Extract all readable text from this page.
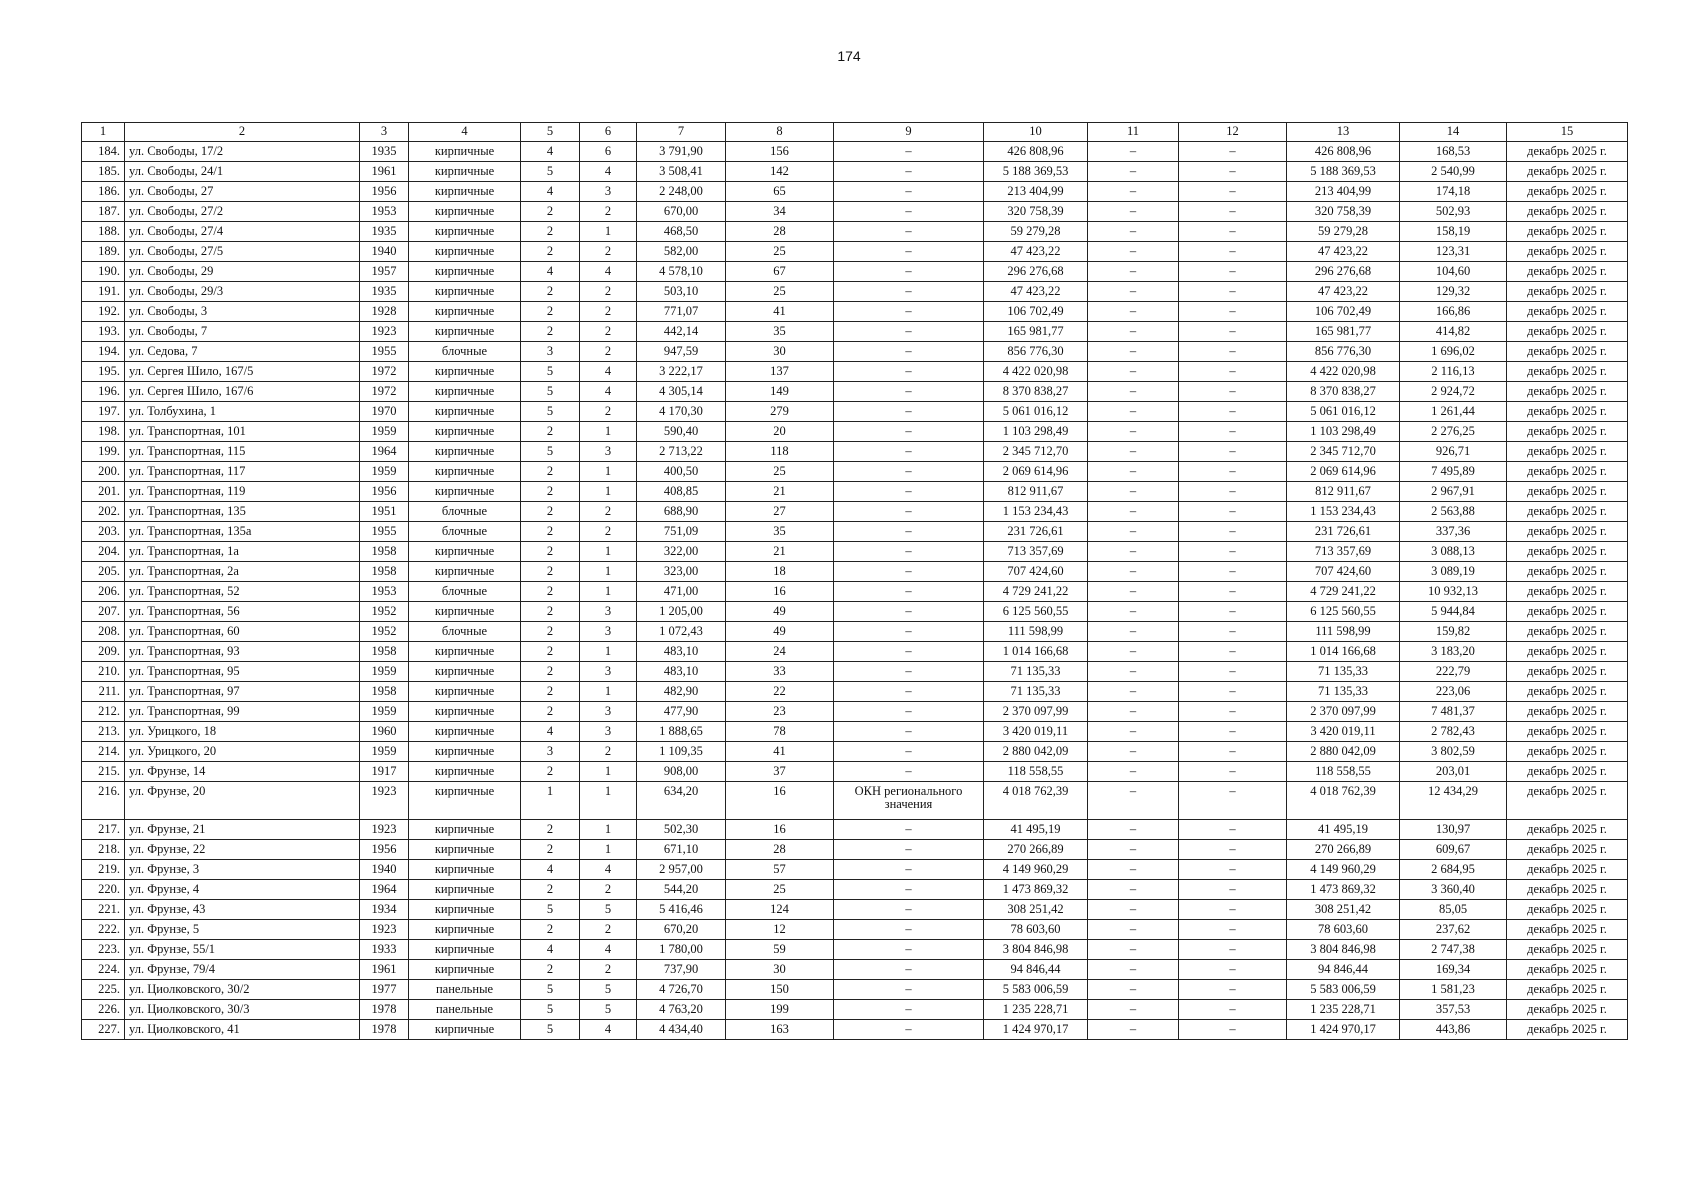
174
1	2	3	4	5	6	7	8	9	10	11	12	13	14	15
184.	ул. Свободы, 17/2	1935	кирпичные	4	6	3 791,90	156	–	426 808,96	–	–	426 808,96	168,53	декабрь 2025 г.
185.	ул. Свободы, 24/1	1961	кирпичные	5	4	3 508,41	142	–	5 188 369,53	–	–	5 188 369,53	2 540,99	декабрь 2025 г.
186.	ул. Свободы, 27	1956	кирпичные	4	3	2 248,00	65	–	213 404,99	–	–	213 404,99	174,18	декабрь 2025 г.
187.	ул. Свободы, 27/2	1953	кирпичные	2	2	670,00	34	–	320 758,39	–	–	320 758,39	502,93	декабрь 2025 г.
188.	ул. Свободы, 27/4	1935	кирпичные	2	1	468,50	28	–	59 279,28	–	–	59 279,28	158,19	декабрь 2025 г.
189.	ул. Свободы, 27/5	1940	кирпичные	2	2	582,00	25	–	47 423,22	–	–	47 423,22	123,31	декабрь 2025 г.
190.	ул. Свободы, 29	1957	кирпичные	4	4	4 578,10	67	–	296 276,68	–	–	296 276,68	104,60	декабрь 2025 г.
191.	ул. Свободы, 29/3	1935	кирпичные	2	2	503,10	25	–	47 423,22	–	–	47 423,22	129,32	декабрь 2025 г.
192.	ул. Свободы, 3	1928	кирпичные	2	2	771,07	41	–	106 702,49	–	–	106 702,49	166,86	декабрь 2025 г.
193.	ул. Свободы, 7	1923	кирпичные	2	2	442,14	35	–	165 981,77	–	–	165 981,77	414,82	декабрь 2025 г.
194.	ул. Седова, 7	1955	блочные	3	2	947,59	30	–	856 776,30	–	–	856 776,30	1 696,02	декабрь 2025 г.
195.	ул. Сергея Шило, 167/5	1972	кирпичные	5	4	3 222,17	137	–	4 422 020,98	–	–	4 422 020,98	2 116,13	декабрь 2025 г.
196.	ул. Сергея Шило, 167/6	1972	кирпичные	5	4	4 305,14	149	–	8 370 838,27	–	–	8 370 838,27	2 924,72	декабрь 2025 г.
197.	ул. Толбухина, 1	1970	кирпичные	5	2	4 170,30	279	–	5 061 016,12	–	–	5 061 016,12	1 261,44	декабрь 2025 г.
198.	ул. Транспортная, 101	1959	кирпичные	2	1	590,40	20	–	1 103 298,49	–	–	1 103 298,49	2 276,25	декабрь 2025 г.
199.	ул. Транспортная, 115	1964	кирпичные	5	3	2 713,22	118	–	2 345 712,70	–	–	2 345 712,70	926,71	декабрь 2025 г.
200.	ул. Транспортная, 117	1959	кирпичные	2	1	400,50	25	–	2 069 614,96	–	–	2 069 614,96	7 495,89	декабрь 2025 г.
201.	ул. Транспортная, 119	1956	кирпичные	2	1	408,85	21	–	812 911,67	–	–	812 911,67	2 967,91	декабрь 2025 г.
202.	ул. Транспортная, 135	1951	блочные	2	2	688,90	27	–	1 153 234,43	–	–	1 153 234,43	2 563,88	декабрь 2025 г.
203.	ул. Транспортная, 135а	1955	блочные	2	2	751,09	35	–	231 726,61	–	–	231 726,61	337,36	декабрь 2025 г.
204.	ул. Транспортная, 1а	1958	кирпичные	2	1	322,00	21	–	713 357,69	–	–	713 357,69	3 088,13	декабрь 2025 г.
205.	ул. Транспортная, 2а	1958	кирпичные	2	1	323,00	18	–	707 424,60	–	–	707 424,60	3 089,19	декабрь 2025 г.
206.	ул. Транспортная, 52	1953	блочные	2	1	471,00	16	–	4 729 241,22	–	–	4 729 241,22	10 932,13	декабрь 2025 г.
207.	ул. Транспортная, 56	1952	кирпичные	2	3	1 205,00	49	–	6 125 560,55	–	–	6 125 560,55	5 944,84	декабрь 2025 г.
208.	ул. Транспортная, 60	1952	блочные	2	3	1 072,43	49	–	111 598,99	–	–	111 598,99	159,82	декабрь 2025 г.
209.	ул. Транспортная, 93	1958	кирпичные	2	1	483,10	24	–	1 014 166,68	–	–	1 014 166,68	3 183,20	декабрь 2025 г.
210.	ул. Транспортная, 95	1959	кирпичные	2	3	483,10	33	–	71 135,33	–	–	71 135,33	222,79	декабрь 2025 г.
211.	ул. Транспортная, 97	1958	кирпичные	2	1	482,90	22	–	71 135,33	–	–	71 135,33	223,06	декабрь 2025 г.
212.	ул. Транспортная, 99	1959	кирпичные	2	3	477,90	23	–	2 370 097,99	–	–	2 370 097,99	7 481,37	декабрь 2025 г.
213.	ул. Урицкого, 18	1960	кирпичные	4	3	1 888,65	78	–	3 420 019,11	–	–	3 420 019,11	2 782,43	декабрь 2025 г.
214.	ул. Урицкого, 20	1959	кирпичные	3	2	1 109,35	41	–	2 880 042,09	–	–	2 880 042,09	3 802,59	декабрь 2025 г.
215.	ул. Фрунзе, 14	1917	кирпичные	2	1	908,00	37	–	118 558,55	–	–	118 558,55	203,01	декабрь 2025 г.
216.	ул. Фрунзе, 20	1923	кирпичные	1	1	634,20	16	ОКН регионального значения	4 018 762,39	–	–	4 018 762,39	12 434,29	декабрь 2025 г.
217.	ул. Фрунзе, 21	1923	кирпичные	2	1	502,30	16	–	41 495,19	–	–	41 495,19	130,97	декабрь 2025 г.
218.	ул. Фрунзе, 22	1956	кирпичные	2	1	671,10	28	–	270 266,89	–	–	270 266,89	609,67	декабрь 2025 г.
219.	ул. Фрунзе, 3	1940	кирпичные	4	4	2 957,00	57	–	4 149 960,29	–	–	4 149 960,29	2 684,95	декабрь 2025 г.
220.	ул. Фрунзе, 4	1964	кирпичные	2	2	544,20	25	–	1 473 869,32	–	–	1 473 869,32	3 360,40	декабрь 2025 г.
221.	ул. Фрунзе, 43	1934	кирпичные	5	5	5 416,46	124	–	308 251,42	–	–	308 251,42	85,05	декабрь 2025 г.
222.	ул. Фрунзе, 5	1923	кирпичные	2	2	670,20	12	–	78 603,60	–	–	78 603,60	237,62	декабрь 2025 г.
223.	ул. Фрунзе, 55/1	1933	кирпичные	4	4	1 780,00	59	–	3 804 846,98	–	–	3 804 846,98	2 747,38	декабрь 2025 г.
224.	ул. Фрунзе, 79/4	1961	кирпичные	2	2	737,90	30	–	94 846,44	–	–	94 846,44	169,34	декабрь 2025 г.
225.	ул. Циолковского, 30/2	1977	панельные	5	5	4 726,70	150	–	5 583 006,59	–	–	5 583 006,59	1 581,23	декабрь 2025 г.
226.	ул. Циолковского, 30/3	1978	панельные	5	5	4 763,20	199	–	1 235 228,71	–	–	1 235 228,71	357,53	декабрь 2025 г.
227.	ул. Циолковского, 41	1978	кирпичные	5	4	4 434,40	163	–	1 424 970,17	–	–	1 424 970,17	443,86	декабрь 2025 г.
